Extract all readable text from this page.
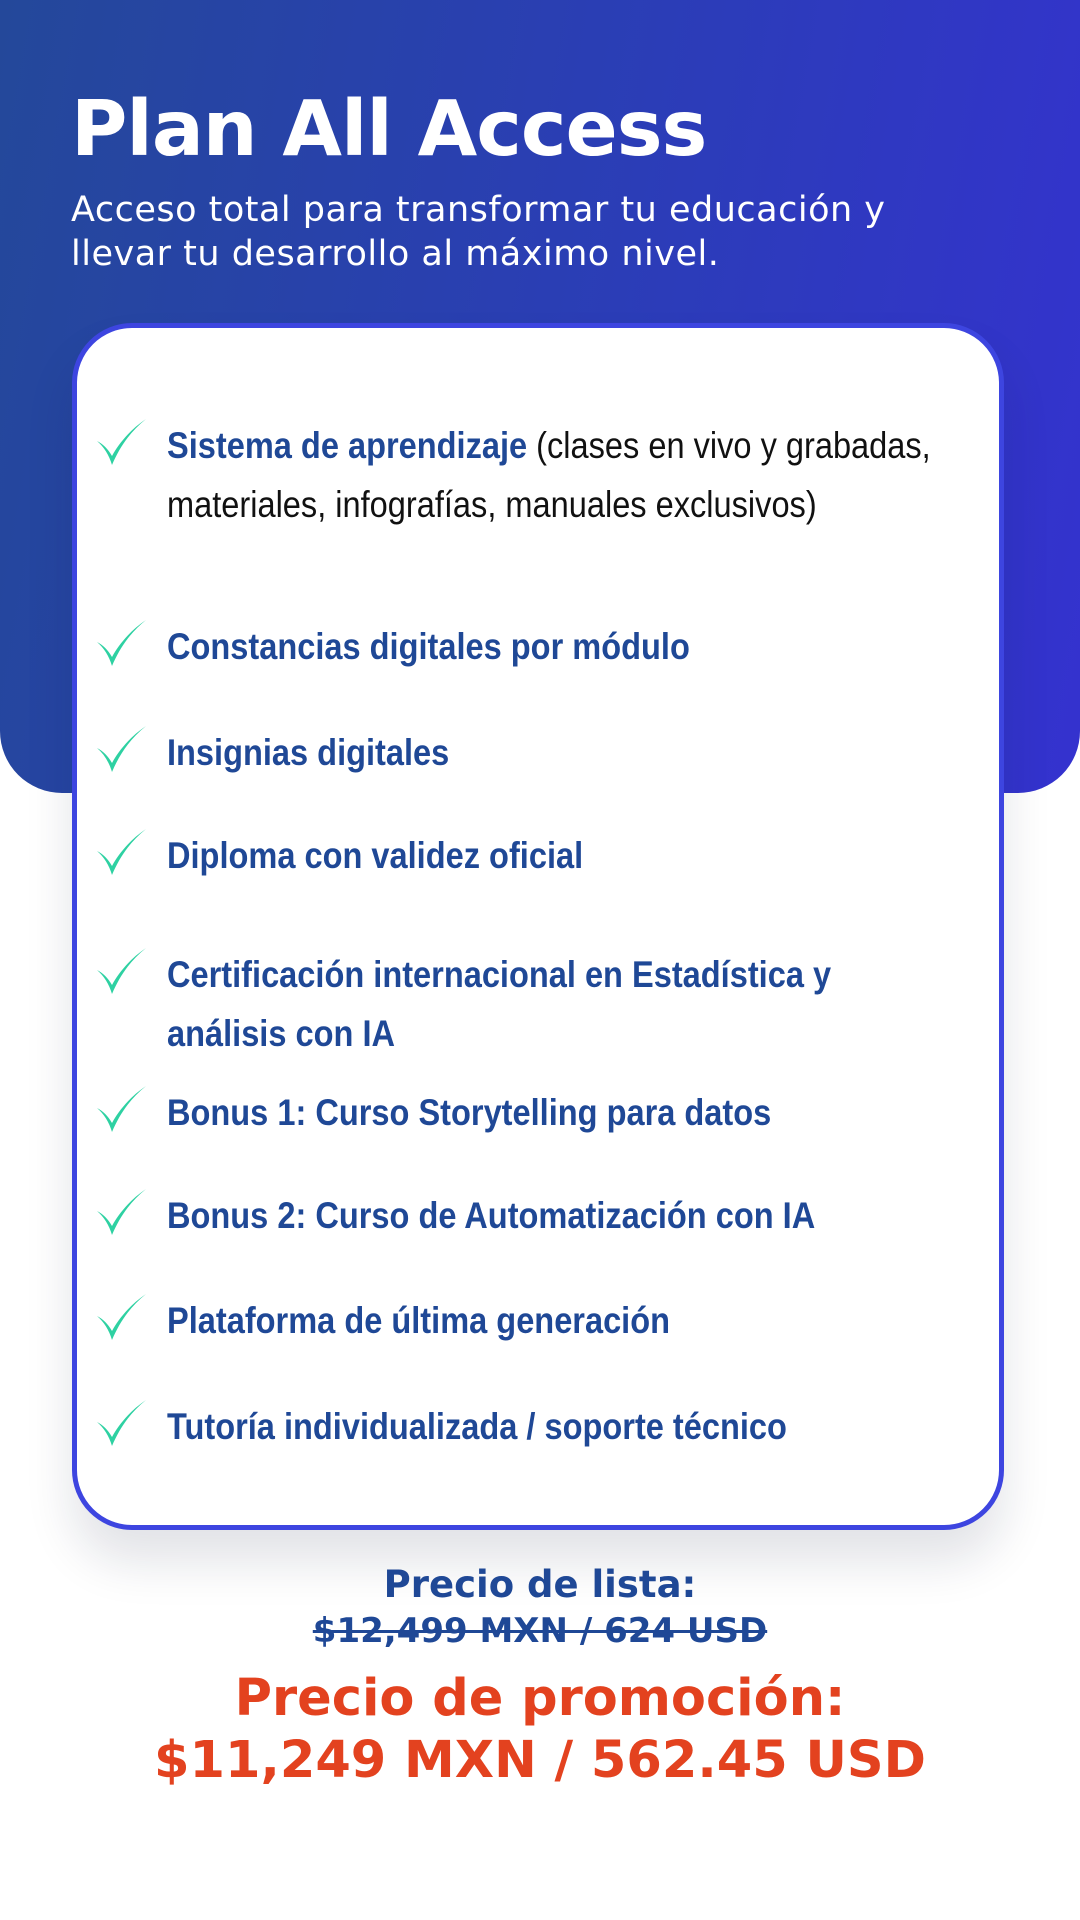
Plan All Access

Acceso total para transformar tu educación y llevar tu desarrollo al máximo nivel.

Sistema de aprendizaje (clases en vivo y grabadas, materiales, infografías, manuales exclusivos)

Constancias digitales por módulo

Insignias digitales

Diploma con validez oficial

Certificación internacional en Estadística y análisis con IA

Bonus 1: Curso Storytelling para datos

Bonus 2: Curso de Automatización con IA

Plataforma de última generación

Tutoría individualizada / soporte técnico

Precio de lista:

$12,499 MXN / 624 USD

Precio de promoción:

$11,249 MXN / 562.45 USD
